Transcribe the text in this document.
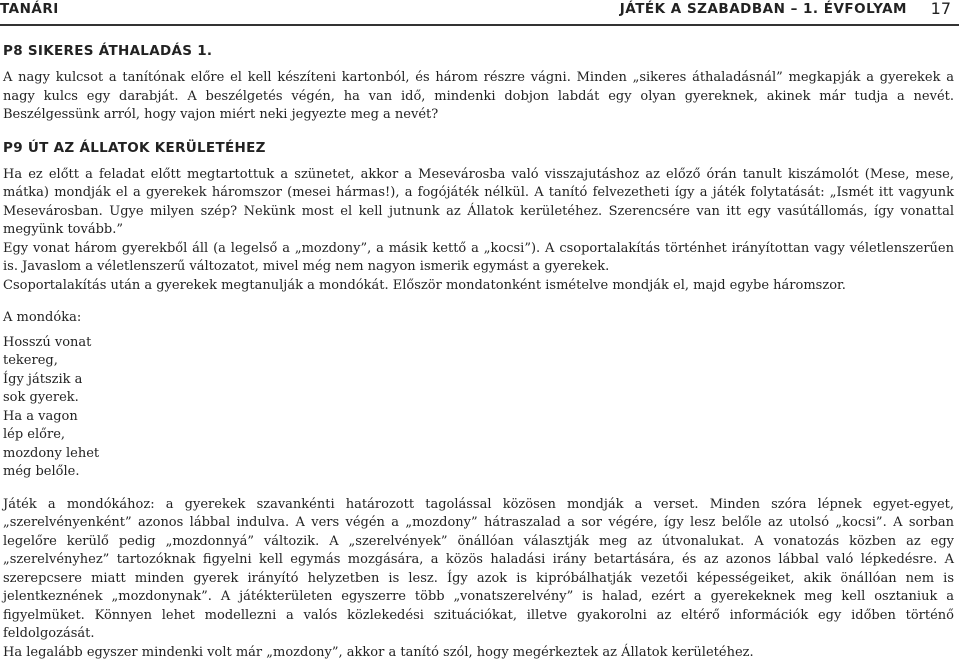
TANÁRI	JÁTÉK A SZABADBAN – 1. ÉVFOLYAM 17
P8 SIKERES ÁTHALADÁS 1.

A nagy kulcsot a tanítónak előre el kell készíteni kartonból, és három részre vágni. Minden „sikeres áthaladásnál” megkapják a gyerekek a nagy kulcs egy darabját. A beszélgetés végén, ha van idő, mindenki dobjon labdát egy olyan gyereknek, akinek már tudja a nevét. Beszélgessünk arról, hogy vajon miért neki jegyezte meg a nevét?

P9 ÚT AZ ÁLLATOK KERÜLETÉHEZ

Ha ez előtt a feladat előtt megtartottuk a szünetet, akkor a Mesevárosba való visszajutáshoz az előző órán tanult kiszámolót (Mese, mese, mátka) mondják el a gyerekek háromszor (mesei hármas!), a fogójáték nélkül. A tanító felvezetheti így a játék folytatását: „Ismét itt vagyunk Mesevárosban. Ugye milyen szép? Nekünk most el kell jutnunk az Állatok kerületéhez. Szerencsére van itt egy vasútállomás, így vonattal megyünk tovább.”

Egy vonat három gyerekből áll (a legelső a „mozdony”, a másik kettő a „kocsi”). A csoportalakítás történhet irányítottan vagy véletlenszerűen is. Javaslom a véletlenszerű változatot, mivel még nem nagyon ismerik egymást a gyerekek.

Csoportalakítás után a gyerekek megtanulják a mondókát. Először mondatonként ismételve mondják el, majd egybe háromszor.

A mondóka:
Hosszú vonat
tekereg,
Így játszik a
sok gyerek.
Ha a vagon
lép előre,
mozdony lehet
még belőle.

Játék a mondókához: a gyerekek szavankénti határozott tagolással közösen mondják a verset. Minden szóra lépnek egyet-egyet, „szerelvényenként” azonos lábbal indulva. A vers végén a „mozdony” hátraszalad a sor végére, így lesz belőle az utolsó „kocsi”. A sorban legelőre kerülő pedig „mozdonnyá” változik. A „szerelvények” önállóan választják meg az útvonalukat. A vonatozás közben az egy „szerelvényhez” tartozóknak figyelni kell egymás mozgására, a közös haladási irány betartására, és az azonos lábbal való lépkedésre. A szerepcsere miatt minden gyerek irányító helyzetben is lesz. Így azok is kipróbálhatják vezetői képességeiket, akik önállóan nem is jelentkeznének „mozdonynak”. A játékterületen egyszerre több „vonatszerelvény” is halad, ezért a gyerekeknek meg kell osztaniuk a figyelmüket. Könnyen lehet modellezni a valós közlekedési szituációkat, illetve gyakorolni az eltérő információk egy időben történő feldolgozását.

Ha legalább egyszer mindenki volt már „mozdony”, akkor a tanító szól, hogy megérkeztek az Állatok kerületéhez.
